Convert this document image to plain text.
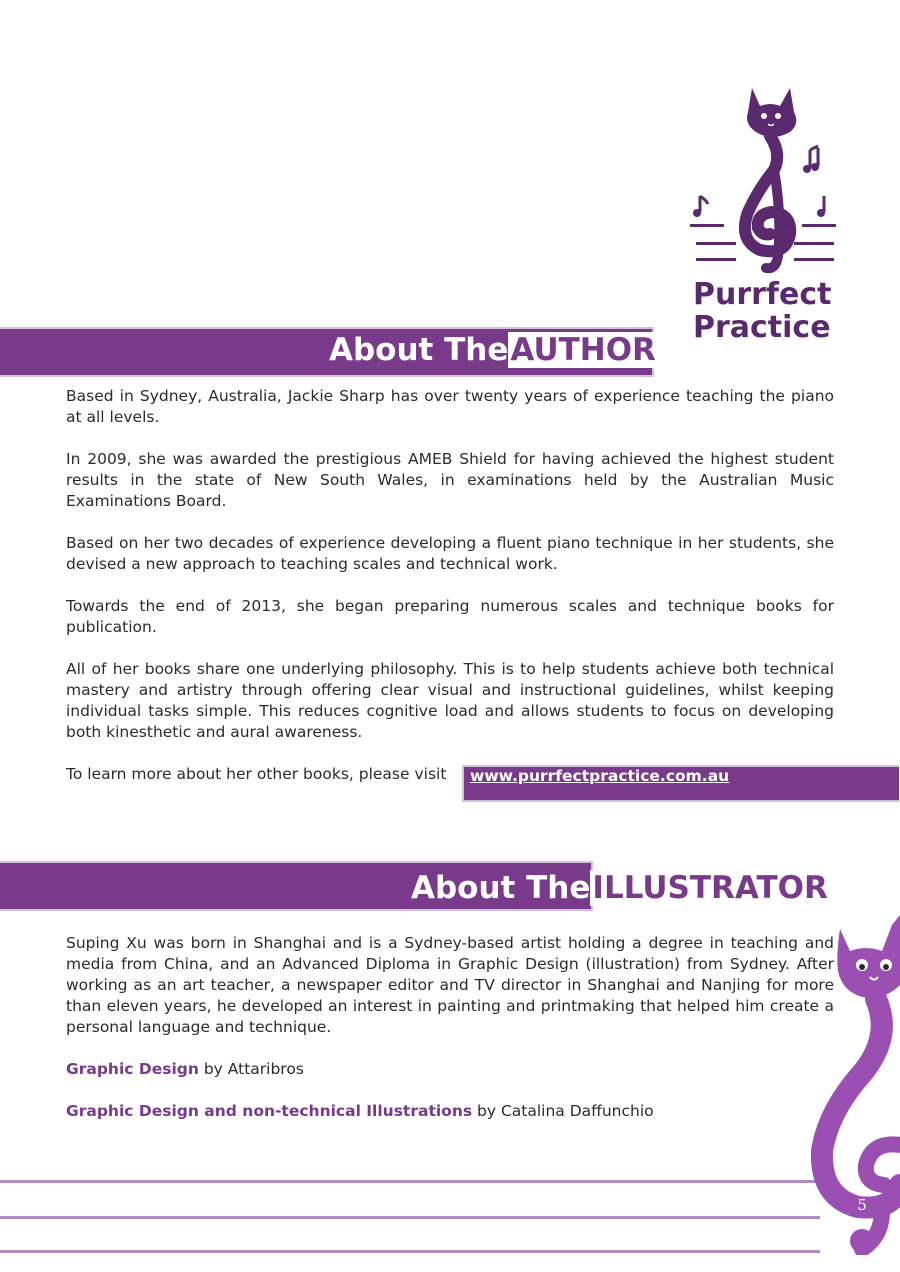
Purrfect
Practice
About TheAUTHOR

Based in Sydney, Australia, Jackie Sharp has over twenty years of experience teaching the piano at all levels.

In 2009, she was awarded the prestigious AMEB Shield for having achieved the highest student results in the state of New South Wales, in examinations held by the Australian Music Examinations Board.

Based on her two decades of experience developing a fluent piano technique in her students, she devised a new approach to teaching scales and technical work.

Towards the end of 2013, she began preparing numerous scales and technique books for publication.

All of her books share one underlying philosophy. This is to help students achieve both technical mastery and artistry through offering clear visual and instructional guidelines, whilst keeping individual tasks simple. This reduces cognitive load and allows students to focus on developing both kinesthetic and aural awareness.

To learn more about her other books, please visit	www.purrfectpractice.com.au
About TheILLUSTRATOR

Suping Xu was born in Shanghai and is a Sydney-based artist holding a degree in teaching and media from China, and an Advanced Diploma in Graphic Design (illustration) from Sydney. After working as an art teacher, a newspaper editor and TV director in Shanghai and Nanjing for more than eleven years, he developed an interest in painting and printmaking that helped him create a personal language and technique.

Graphic Design by Attaribros

Graphic Design and non-technical Illustrations by Catalina Daffunchio

5
